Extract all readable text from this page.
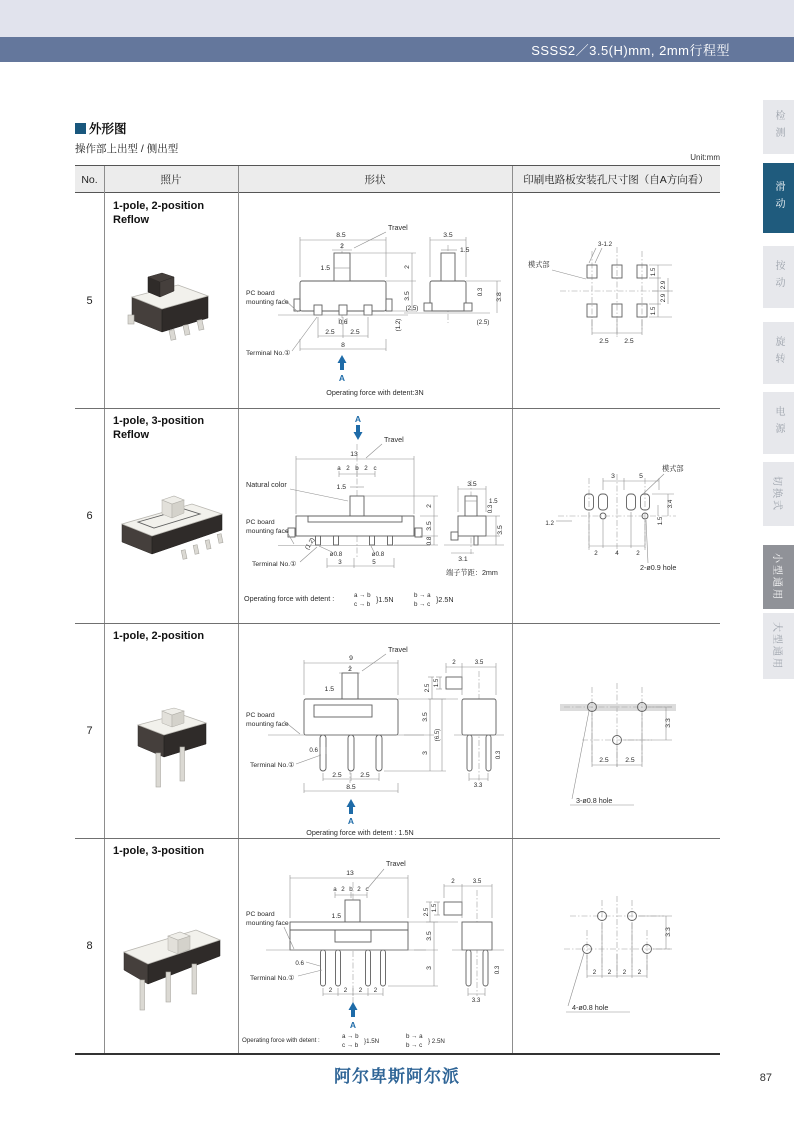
SSSS2／3.5(H)mm, 2mm行程型
检测
滑动
按动
旋转
电源
切换式
小型通用
大型通用
外形图
操作部上出型 / 侧出型
Unit:mm
No.	照片	形状	印刷电路板安装孔尺寸图（自A方向看）
5
1-pole, 2-position
Reflow
8.5
Travel
2
1.5	2
3.5
(1.2)
0.6
2.5 2.5
8
PC board
mounting face
Terminal No.①
A
Operating force with detent:3N
3.5
1.5
0.3
3.8
(2.5)
(2.5)
3-1.2
模式部
1.5
2.9
2.9
1.5
2.5 2.5
6
1-pole, 3-position
Reflow
A
13
Travel
a 2 b 2 c
1.5
Natural color
2
3.5
0.8
(1.2)
ø0.8	ø0.8
3	5
PC board
mounting face
Terminal No.①
3.5
1.5
0.3
3.5
3.1
端子节距：2mm
Operating force with detent :	a → b
c → b
}1.5N	b → a
b → c
}2.5N
3	5
模式部
1.2
2	4	2
3.4
1.5
2-ø0.9 hole
7
1-pole, 2-position
9
Travel
2
1.5
3.5
(6.5)
3
0.6
2.5	2.5
8.5
PC board
mounting face
Terminal No.①
A
Operating force with detent : 1.5N
2	3.5
1.5
2.5
3.3
0.3
2.5 2.5
3.3
3-ø0.8 hole
8
1-pole, 3-position
13
Travel
a 2 b 2 c
1.5
3.5
3
0.6
2 2 2 2
PC board
mounting face
Terminal No.①
A
Operating force with detent :
a → b
c → b
}1.5N
b → a
b → c
} 2.5N
2	3.5
1.5
2.5
3.3
0.3	2 2 2 2
3.3
4-ø0.8 hole
阿尔卑斯阿尔派	87
